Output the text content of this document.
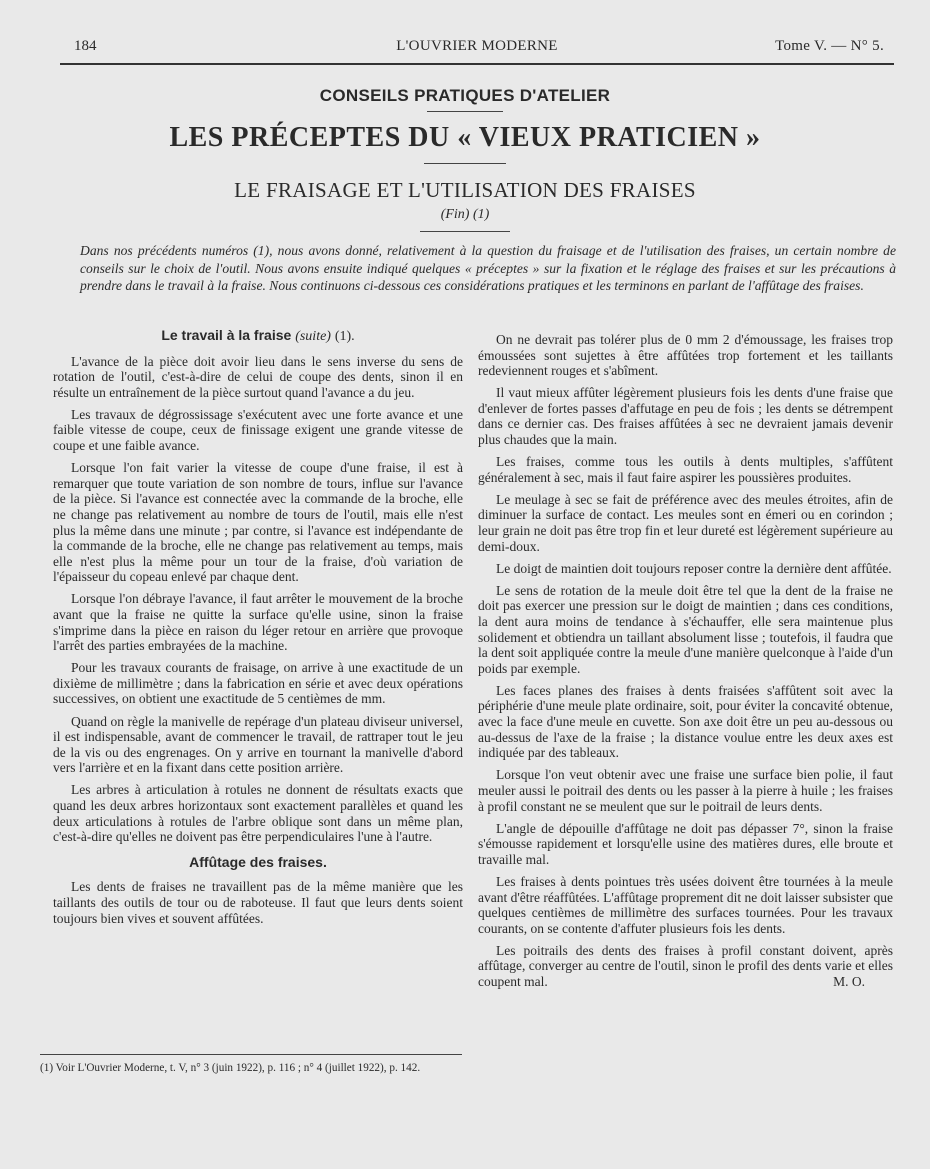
184	L'OUVRIER MODERNE	Tome V. — N° 5.
CONSEILS PRATIQUES D'ATELIER
LES PRÉCEPTES DU « VIEUX PRATICIEN »
LE FRAISAGE ET L'UTILISATION DES FRAISES
(Fin) (1)
Dans nos précédents numéros (1), nous avons donné, relativement à la question du fraisage et de l'utilisation des fraises, un certain nombre de conseils sur le choix de l'outil. Nous avons ensuite indiqué quelques « préceptes » sur la fixation et le réglage des fraises et sur les précautions à prendre dans le travail à la fraise. Nous continuons ci-dessous ces considérations pratiques et les terminons en parlant de l'affûtage des fraises.
Le travail à la fraise (suite) (1).

L'avance de la pièce doit avoir lieu dans le sens inverse du sens de rotation de l'outil, c'est-à-dire de celui de coupe des dents, sinon il en résulte un entraînement de la pièce surtout quand l'avance a du jeu.

Les travaux de dégrossissage s'exécutent avec une forte avance et une faible vitesse de coupe, ceux de finissage exigent une grande vitesse de coupe et une faible avance.

Lorsque l'on fait varier la vitesse de coupe d'une fraise, il est à remarquer que toute variation de son nombre de tours, influe sur l'avance de la pièce. Si l'avance est connectée avec la commande de la broche, elle ne change pas relativement au nombre de tours de l'outil, mais elle n'est plus la même dans une minute ; par contre, si l'avance est indépendante de la commande de la broche, elle ne change pas relativement au temps, mais elle n'est plus la même pour un tour de la fraise, d'où variation de l'épaisseur du copeau enlevé par chaque dent.

Lorsque l'on débraye l'avance, il faut arrêter le mouvement de la broche avant que la fraise ne quitte la surface qu'elle usine, sinon la fraise s'imprime dans la pièce en raison du léger retour en arrière que provoque l'arrêt des parties embrayées de la machine.

Pour les travaux courants de fraisage, on arrive à une exactitude de un dixième de millimètre ; dans la fabrication en série et avec deux opérations successives, on obtient une exactitude de 5 centièmes de mm.

Quand on règle la manivelle de repérage d'un plateau diviseur universel, il est indispensable, avant de commencer le travail, de rattraper tout le jeu de la vis ou des engrenages. On y arrive en tournant la manivelle d'abord vers l'arrière et en la fixant dans cette position arrière.

Les arbres à articulation à rotules ne donnent de résultats exacts que quand les deux arbres horizontaux sont exactement parallèles et quand les deux articulations à rotules de l'arbre oblique sont dans un même plan, c'est-à-dire qu'elles ne doivent pas être perpendiculaires l'une à l'autre.

Affûtage des fraises.

Les dents de fraises ne travaillent pas de la même manière que les taillants des outils de tour ou de raboteuse. Il faut que leurs dents soient toujours bien vives et souvent affûtées.

On ne devrait pas tolérer plus de 0 mm 2 d'émoussage, les fraises trop émoussées sont sujettes à être affûtées trop fortement et les taillants redeviennent rouges et s'abîment.

Il vaut mieux affûter légèrement plusieurs fois les dents d'une fraise que d'enlever de fortes passes d'affutage en peu de fois ; les dents se détrempent dans ce dernier cas. Des fraises affûtées à sec ne devraient jamais devenir plus chaudes que la main.

Les fraises, comme tous les outils à dents multiples, s'affûtent généralement à sec, mais il faut faire aspirer les poussières produites.

Le meulage à sec se fait de préférence avec des meules étroites, afin de diminuer la surface de contact. Les meules sont en émeri ou en corindon ; leur grain ne doit pas être trop fin et leur dureté est légèrement supérieure au demi-doux.

Le doigt de maintien doit toujours reposer contre la dernière dent affûtée.

Le sens de rotation de la meule doit être tel que la dent de la fraise ne doit pas exercer une pression sur le doigt de maintien ; dans ces conditions, la dent aura moins de tendance à s'échauffer, elle sera maintenue plus solidement et obtiendra un taillant absolument lisse ; toutefois, il faudra que la dent soit appliquée contre la meule d'une manière quelconque à l'aide d'un poids par exemple.

Les faces planes des fraises à dents fraisées s'affûtent soit avec la périphérie d'une meule plate ordinaire, soit, pour éviter la concavité obtenue, avec la face d'une meule en cuvette. Son axe doit être un peu au-dessous ou au-dessus de l'axe de la fraise ; la distance voulue entre les deux axes est indiquée par des tableaux.

Lorsque l'on veut obtenir avec une fraise une surface bien polie, il faut meuler aussi le poitrail des dents ou les passer à la pierre à huile ; les fraises à profil constant ne se meulent que sur le poitrail de leurs dents.

L'angle de dépouille d'affûtage ne doit pas dépasser 7°, sinon la fraise s'émousse rapidement et lorsqu'elle usine des matières dures, elle broute et travaille mal.

Les fraises à dents pointues très usées doivent être tournées à la meule avant d'être réaffûtées. L'affûtage proprement dit ne doit laisser subsister que quelques centièmes de millimètre des surfaces tournées. Pour les travaux courants, on se contente d'affuter plusieurs fois les dents.

Les poitrails des dents des fraises à profil constant doivent, après affûtage, converger au centre de l'outil, sinon le profil des dents varie et elles coupent mal.	M. O.

(1) Voir L'Ouvrier Moderne, t. V, n° 3 (juin 1922), p. 116 ; n° 4 (juillet 1922), p. 142.
